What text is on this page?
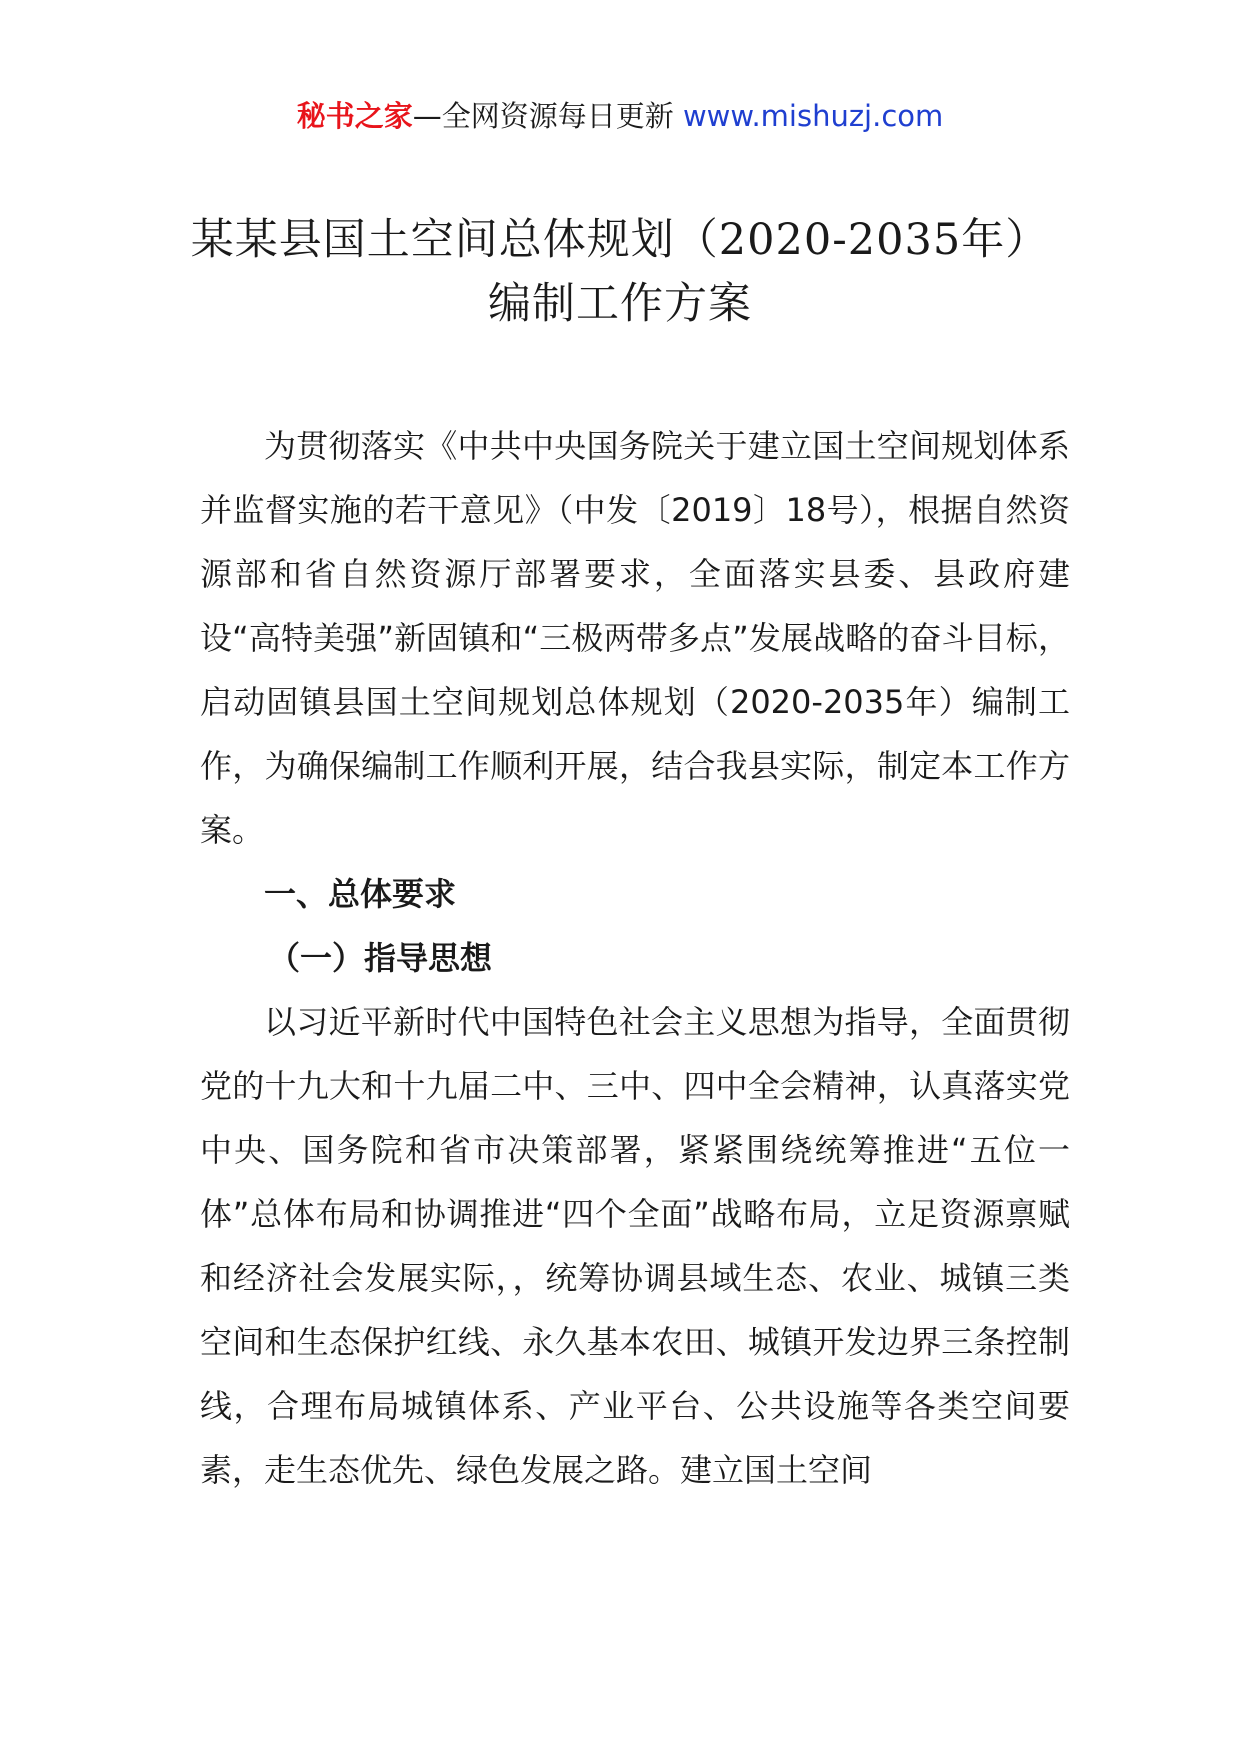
秘书之家—全网资源每日更新 www.mishuzj.com
某某县国土空间总体规划（2020-2035年）
编制工作方案

为贯彻落实《中共中央国务院关于建立国土空间规划体系并监督实施的若干意见》（中发〔2019〕18号），根据自然资源部和省自然资源厅部署要求，全面落实县委、县政府建设“高特美强”新固镇和“三极两带多点”发展战略的奋斗目标，启动固镇县国土空间规划总体规划（2020-2035年）编制工作，为确保编制工作顺利开展，结合我县实际，制定本工作方案。

一、总体要求

（一）指导思想

以习近平新时代中国特色社会主义思想为指导，全面贯彻党的十九大和十九届二中、三中、四中全会精神，认真落实党中央、国务院和省市决策部署，紧紧围绕统筹推进“五位一体”总体布局和协调推进“四个全面”战略布局，立足资源禀赋和经济社会发展实际，，统筹协调县域生态、农业、城镇三类空间和生态保护红线、永久基本农田、城镇开发边界三条控制线，合理布局城镇体系、产业平台、公共设施等各类空间要素，走生态优先、绿色发展之路。建立国土空间
